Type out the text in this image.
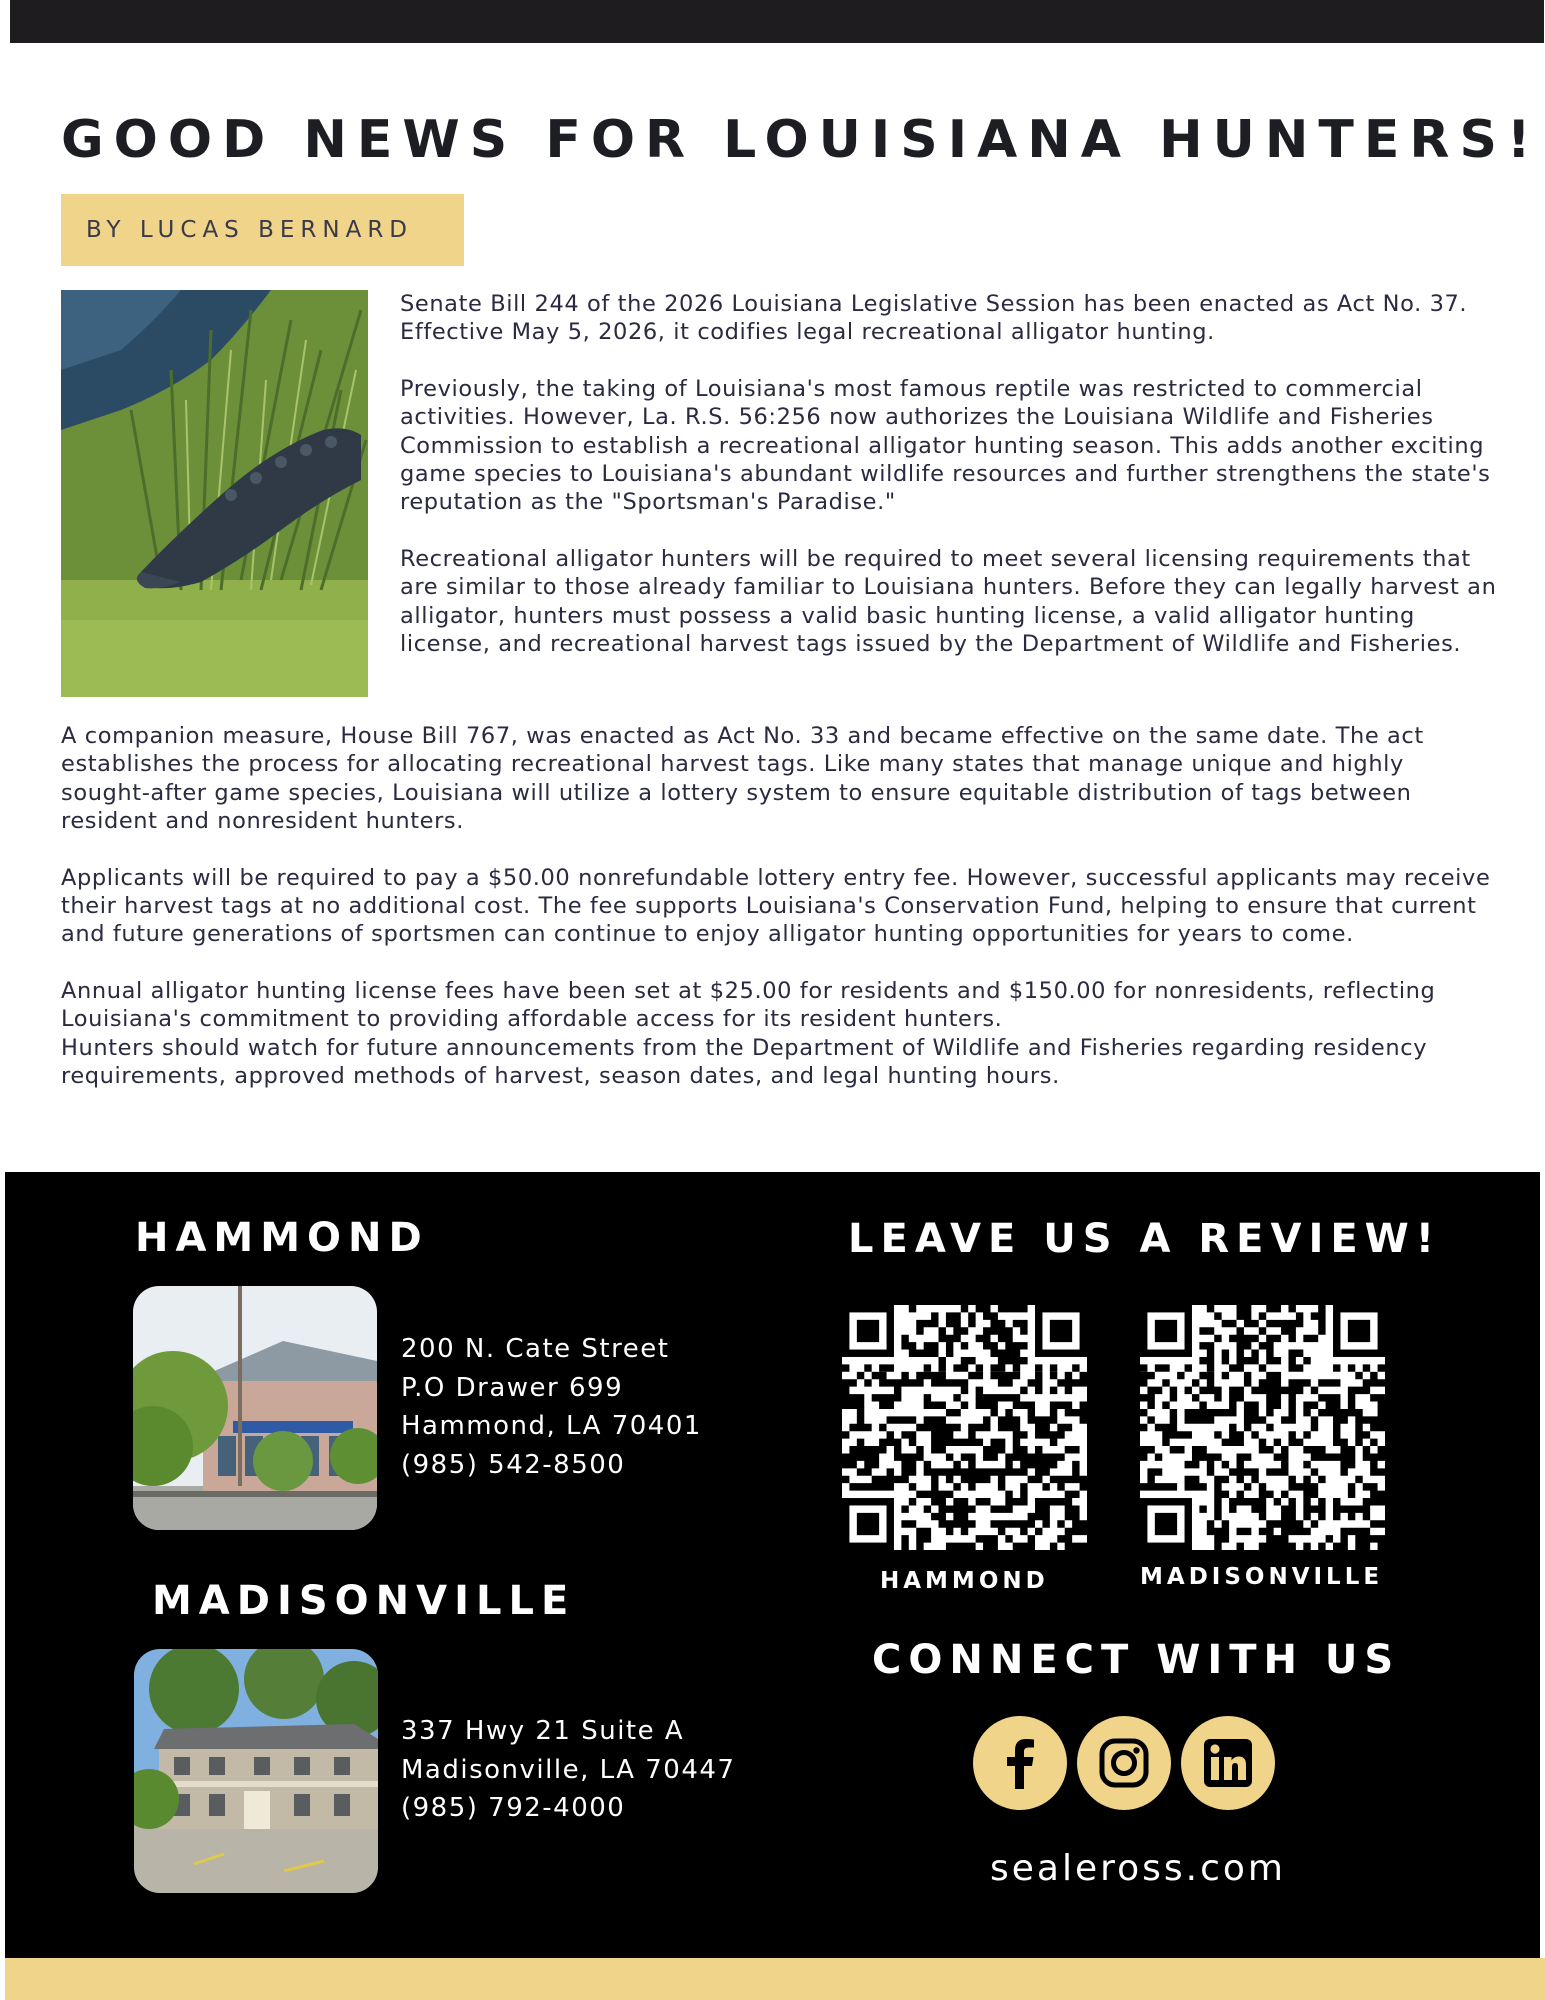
GOOD NEWS FOR LOUISIANA HUNTERS!
BY LUCAS BERNARD

Senate Bill 244 of the 2026 Louisiana Legislative Session has been enacted as Act No. 37. Effective May 5, 2026, it codifies legal recreational alligator hunting.

Previously, the taking of Louisiana's most famous reptile was restricted to commercial activities. However, La. R.S. 56:256 now authorizes the Louisiana Wildlife and Fisheries Commission to establish a recreational alligator hunting season. This adds another exciting game species to Louisiana's abundant wildlife resources and further strengthens the state's reputation as the "Sportsman's Paradise."

Recreational alligator hunters will be required to meet several licensing requirements that are similar to those already familiar to Louisiana hunters. Before they can legally harvest an alligator, hunters must possess a valid basic hunting license, a valid alligator hunting license, and recreational harvest tags issued by the Department of Wildlife and Fisheries.

A companion measure, House Bill 767, was enacted as Act No. 33 and became effective on the same date. The act establishes the process for allocating recreational harvest tags. Like many states that manage unique and highly sought-after game species, Louisiana will utilize a lottery system to ensure equitable distribution of tags between resident and nonresident hunters.

Applicants will be required to pay a $50.00 nonrefundable lottery entry fee. However, successful applicants may receive their harvest tags at no additional cost. The fee supports Louisiana's Conservation Fund, helping to ensure that current and future generations of sportsmen can continue to enjoy alligator hunting opportunities for years to come.

Annual alligator hunting license fees have been set at $25.00 for residents and $150.00 for nonresidents, reflecting Louisiana's commitment to providing affordable access for its resident hunters.

Hunters should watch for future announcements from the Department of Wildlife and Fisheries regarding residency requirements, approved methods of harvest, season dates, and legal hunting hours.

HAMMOND
200 N. Cate Street
P.O Drawer 699
Hammond, LA 70401
(985) 542-8500
MADISONVILLE
337 Hwy 21 Suite A
Madisonville, LA 70447
(985) 792-4000
LEAVE US A REVIEW!
HAMMOND	MADISONVILLE
CONNECT WITH US
sealeross.com
